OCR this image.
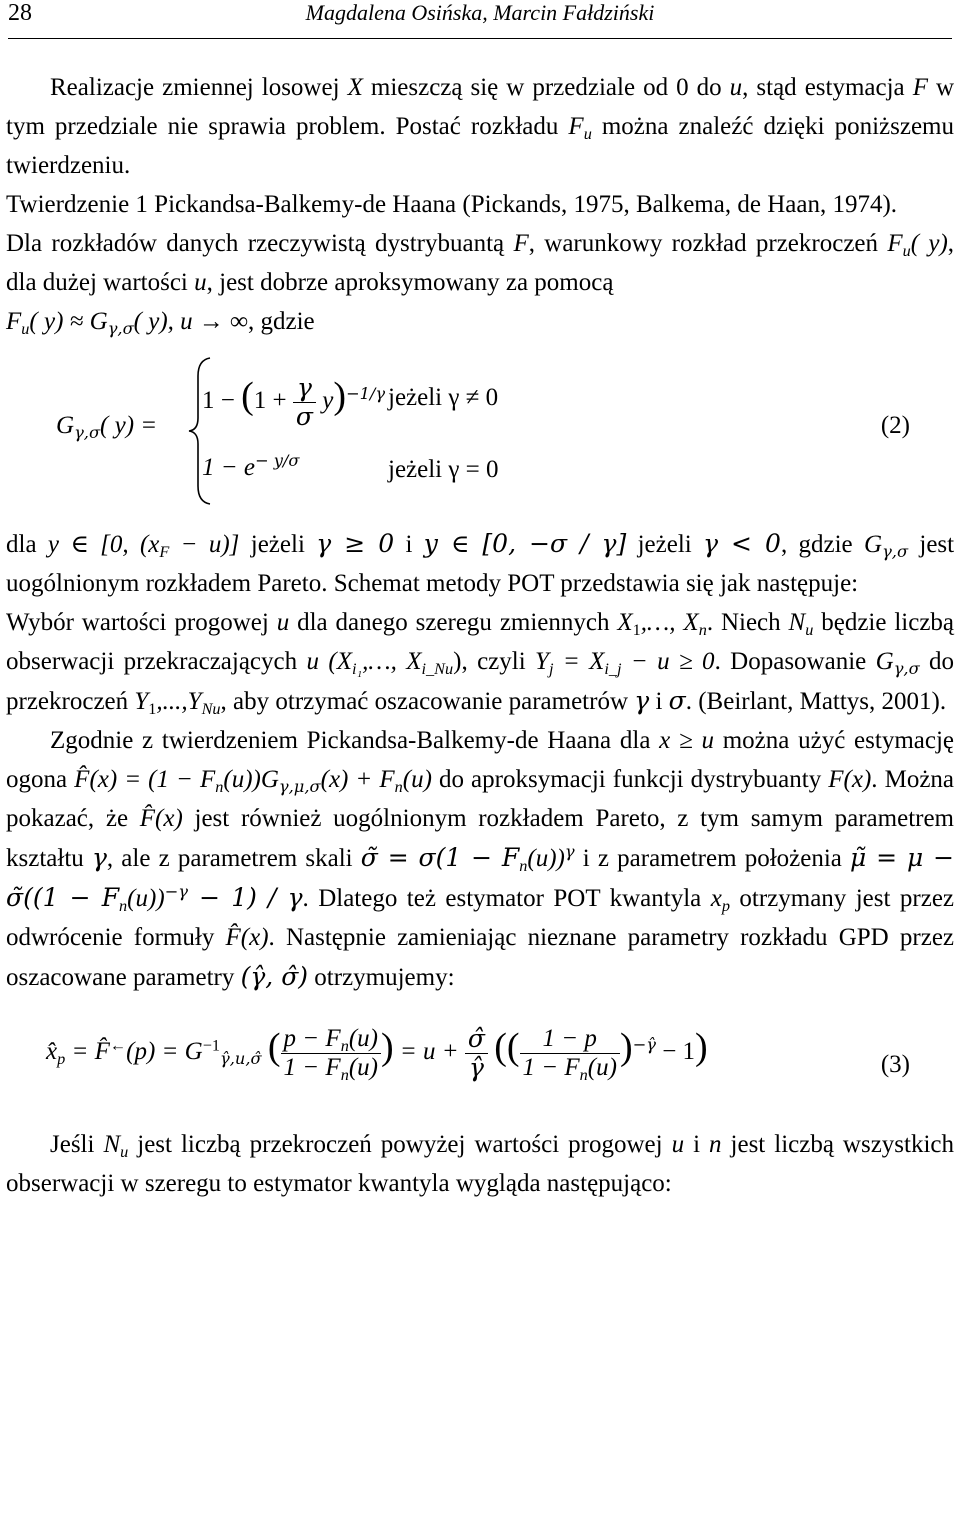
28	Magdalena Osińska, Marcin Fałdziński

Realizacje zmiennej losowej X mieszczą się w przedziale od 0 do u, stąd estymacja F w tym przedziale nie sprawia problem. Postać rozkładu $F_u$ można znaleźć dzięki poniższemu twierdzeniu.

Twierdzenie 1 Pickandsa-Balkemy-de Haana (Pickands, 1975, Balkema, de Haan, 1974).

Dla rozkładów danych rzeczywistą dystrybuantą F, warunkowy rozkład przekroczeń $F_u$( y), dla dużej wartości u, jest dobrze aproksymowany za pomocą

$F_u$( $y) \approx G_{\gamma,\sigma}$( y), u → ∞, gdzie
$G_{\gamma,\sigma}$( y) =
$1 - (1 + \frac{\gamma}{\sigma} y)^{-1/\gamma}$
$1 - e^{- y/\sigma}$
jeżeli γ ≠ 0
jeżeli γ = 0
(2)

dla y ∈ [0, $(x_F - u)$] jeżeli γ ≥ 0 i y ∈ [0, −σ / γ] jeżeli γ < 0, gdzie $G_{\gamma,\sigma}$ jest uogólnionym rozkładem Pareto. Schemat metody POT przedstawia się jak następuje:

Wybór wartości progowej u dla danego szeregu zmiennych $X_1,\dots$, $X_n$. Niech $N_u$ będzie liczbą obserwacji przekraczających u ($X_{i_1},\dots$, $X_{i\_Nu}$), czyli $Y_j = X_{i\_j} - u \ge 0$. Dopasowanie $G_{\gamma,\sigma}$ do przekroczeń $Y_1,...,Y_{Nu}$, aby otrzymać oszacowanie parametrów γ i σ. (Beirlant, Mattys, 2001).

Zgodnie z twierdzeniem Pickandsa-Balkemy-de Haana dla x ≥ u można użyć estymację ogona F̂(x) = $(1 - F_n(u))G_{\gamma,\mu,\sigma}(x) + F_n(u)$ do aproksymacji funkcji dystrybuanty F(x). Można pokazać, że F̂(x) jest również uogólnionym rozkładem Pareto, z tym samym parametrem kształtu γ, ale z parametrem skali σ̃ = $\sigma(1 - F_n(u))^\gamma$ i z parametrem położenia μ̃ = μ − σ̃((1 − $F_n(u))^{-\gamma} - 1) / \gamma$. Dlatego też estymator POT kwantyla $x_p$ otrzymany jest przez odwrócenie formuły F̂(x). Następnie zamieniając nieznane parametry rozkładu GPD przez oszacowane parametry (γ̂, σ̂) otrzymujemy:

$x̂_p$ = F̂←(p) = $G^{-1}_{\gammâ,u,\sigmâ}$ ( $\frac{p - F_n(u)}{1 - F_n(u)}$ ) = $u + \frac{\sigmâ}{\gammâ}$ (( $\frac{1 - p}{1 - F_n(u)} )^{-\gammâ} - 1$)	(3)

Jeśli $N_u$ jest liczbą przekroczeń powyżej wartości progowej u i n jest liczbą wszystkich obserwacji w szeregu to estymator kwantyla wygląda następująco:
